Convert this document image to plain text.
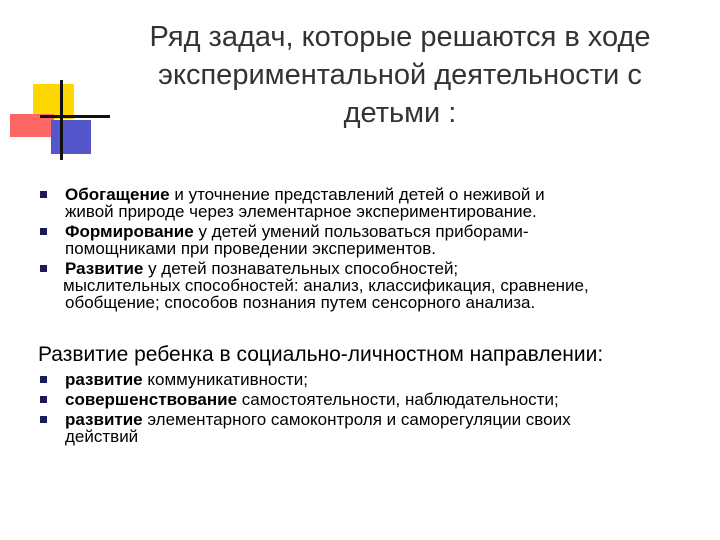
Ряд задач, которые решаются в ходе
экспериментальной деятельности с
детьми :
Обогащение и уточнение представлений детей о неживой и
живой природе через элементарное экспериментирование.
Формирование у детей умений пользоваться приборами-
помощниками при проведении экспериментов.
Развитие у детей познавательных способностей;
мыслительных способностей: анализ, классификация, сравнение,
обобщение; способов познания путем сенсорного анализа.
Развитие ребенка в социально-личностном направлении:
развитие коммуникативности;
совершенствование самостоятельности, наблюдательности;
развитие элементарного самоконтроля и саморегуляции своих
действий
